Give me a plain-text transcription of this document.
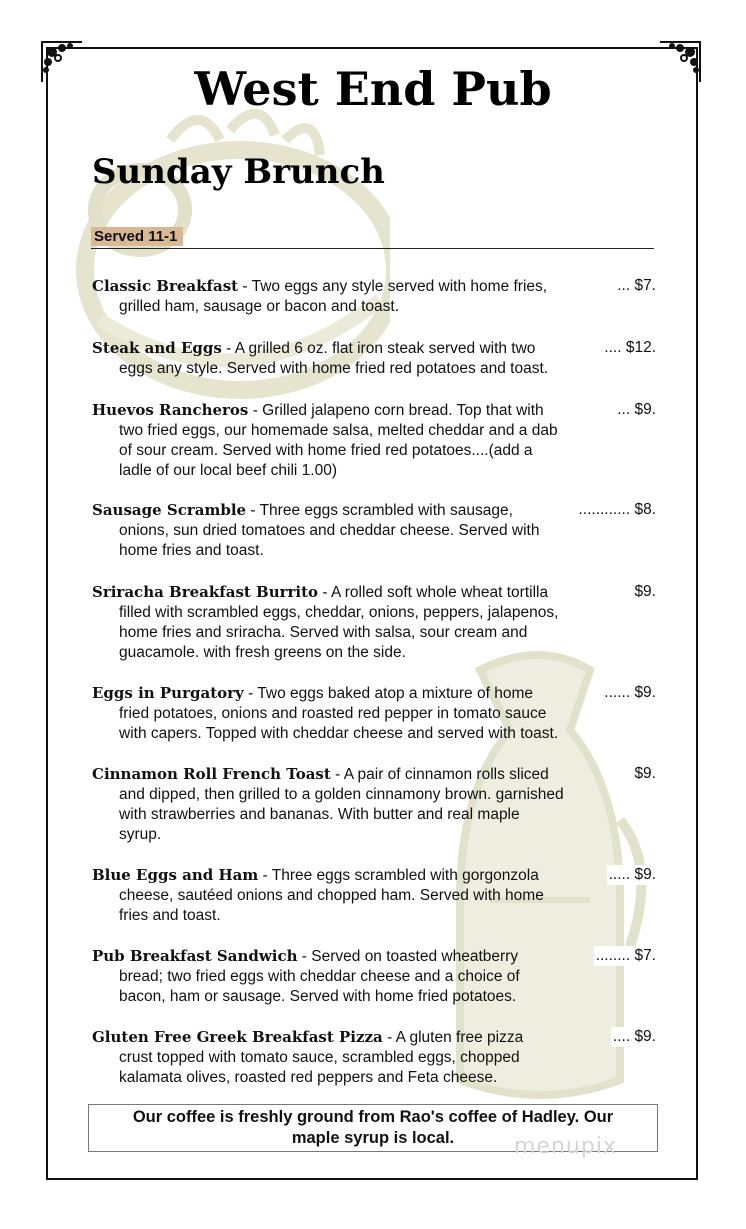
West End Pub
Sunday Brunch
Served 11-1
Classic Breakfast - Two eggs any style served with home fries,	... $7.
grilled ham, sausage or bacon and toast.
Steak and Eggs - A grilled 6 oz. flat iron steak served with two	.... $12.
eggs any style. Served with home fried red potatoes and toast.
Huevos Rancheros - Grilled jalapeno corn bread. Top that with	... $9.
two fried eggs, our homemade salsa, melted cheddar and a dab
of sour cream. Served with home fried red potatoes....(add a
ladle of our local beef chili 1.00)
Sausage Scramble - Three eggs scrambled with sausage,	............ $8.
onions, sun dried tomatoes and cheddar cheese. Served with
home fries and toast.
Sriracha Breakfast Burrito - A rolled soft whole wheat tortilla	$9.
filled with scrambled eggs, cheddar, onions, peppers, jalapenos,
home fries and sriracha. Served with salsa, sour cream and
guacamole. with fresh greens on the side.
Eggs in Purgatory - Two eggs baked atop a mixture of home	...... $9.
fried potatoes, onions and roasted red pepper in tomato sauce
with capers. Topped with cheddar cheese and served with toast.
Cinnamon Roll French Toast - A pair of cinnamon rolls sliced	$9.
and dipped, then grilled to a golden cinnamony brown. garnished
with strawberries and bananas. With butter and real maple
syrup.
Blue Eggs and Ham - Three eggs scrambled with gorgonzola	..... $9.
cheese, sautéed onions and chopped ham. Served with home
fries and toast.
Pub Breakfast Sandwich - Served on toasted wheatberry	........ $7.
bread; two fried eggs with cheddar cheese and a choice of
bacon, ham or sausage. Served with home fried potatoes.
Gluten Free Greek Breakfast Pizza - A gluten free pizza	.... $9.
crust topped with tomato sauce, scrambled eggs, chopped
kalamata olives, roasted red peppers and Feta cheese.
Our coffee is freshly ground from Rao's coffee of Hadley. Our
maple syrup is local.	menupix
